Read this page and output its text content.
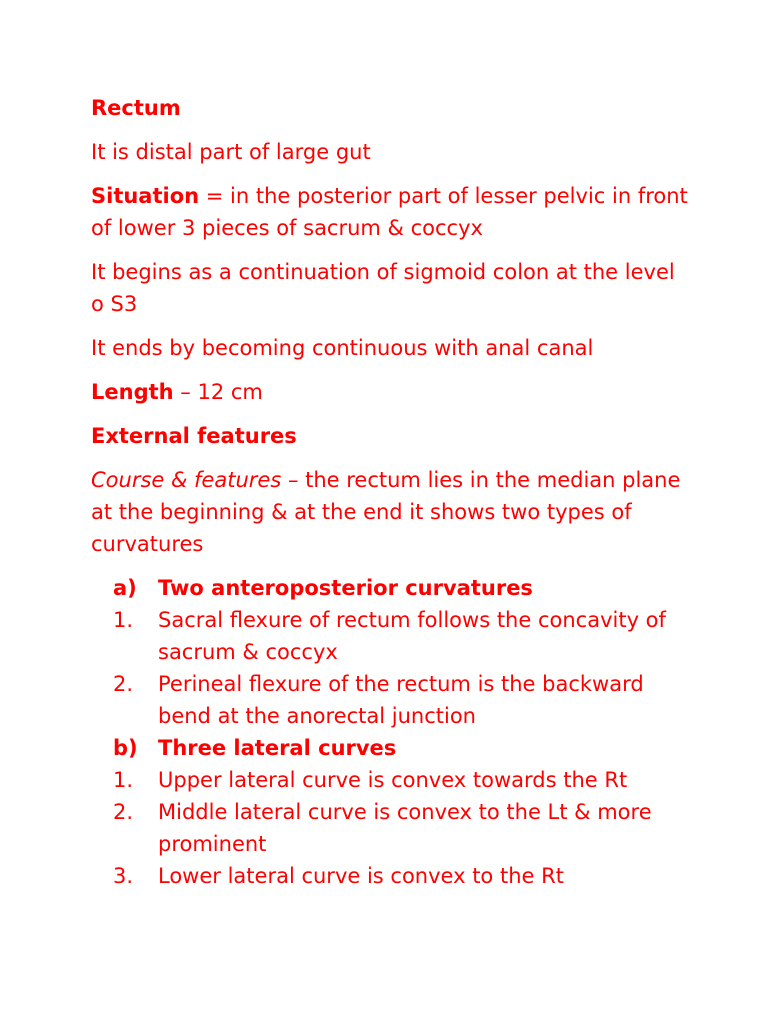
Rectum

It is distal part of large gut

Situation = in the posterior part of lesser pelvic in front of lower 3 pieces of sacrum & coccyx

It begins as a continuation of sigmoid colon at the level o S3

It ends by becoming continuous with anal canal

Length – 12 cm

External features

Course & features – the rectum lies in the median plane at the beginning & at the end it shows two types of curvatures

a) Two anteroposterior curvatures
1. Sacral flexure of rectum follows the concavity of sacrum & coccyx
2. Perineal flexure of the rectum is the backward bend at the anorectal junction
b) Three lateral curves
1. Upper lateral curve is convex towards the Rt
2. Middle lateral curve is convex to the Lt & more prominent
3. Lower lateral curve is convex to the Rt
